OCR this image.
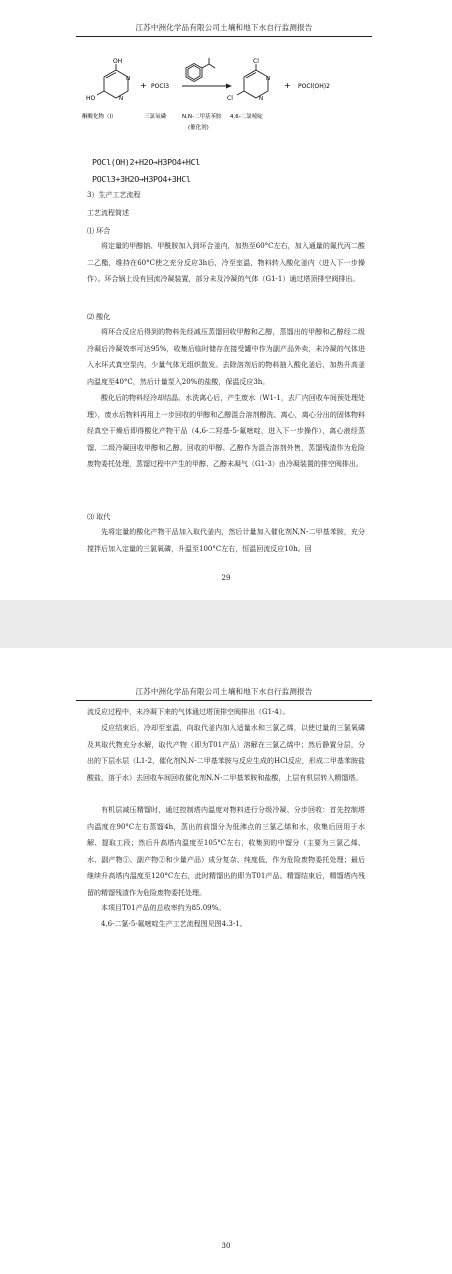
江苏中洲化学品有限公司土壤和地下水自行监测报告
OH
HO
N
N
+ POCl3
Cl
Cl
N
N
+ POCl(OH)2
酮酸化物（I）	三氯氧磷	N,N-二甲基苯胺 4,6-二氯嘧啶
(催化剂)
POCl(OH)2+H2O→H3PO4+HCl
POCl3+3H2O→H3PO4+3HCl
3）生产工艺流程
工艺流程简述
⑴ 环合

将定量的甲醇钠、甲酰胺加入到环合釜内，加热至60°C左右，加入通量的氟代丙二酸二乙酯，维持在60°C使之充分反应3h后，冷至室温，物料转入酸化釜内（进入下一步操作）。环合锅上设有回流冷凝装置，部分未及冷凝的气体（G1-1）通过塔顶排空阀排出。

⑵ 酸化

将环合反应后得到的物料先经减压蒸馏回收甲醇和乙醇，蒸馏出的甲醇和乙醇经二级冷凝后冷凝效率可达95%，收集后临时储存在接受罐中作为副产品外卖，未冷凝的气体进入水环式真空泵内，少量气体无组织散发。去除溶剂后的物料抽入酸化釜后，加热升高釜内温度至40°C，然后计量泵入20%的盐酸，保温反应3h。

酸化后的物料经冷却结晶、水洗离心后，产生废水（W1-1，去厂内回收车间预处理处理），废水后物料再用上一步回收的甲醇和乙醇混合溶剂醇洗、离心，离心分出的固体物料经真空干燥后即得酸化产物干品（4,6-二羟基-5-氟嘧啶，进入下一步操作），离心液经蒸馏、二级冷凝回收甲醇和乙醇。回收的甲醇、乙醇作为混合溶剂外售，蒸馏残渣作为危险废物委托处理，蒸馏过程中产生的甲醇、乙醇未凝气（G1-3）由冷凝装置的排空阀排出。

⑶ 取代

先将定量的酸化产物干品加入取代釜内，然后计量加入催化剂N,N-二甲基苯胺，充分搅拌后加入定量的三氯氧磷，升温至100°C左右，恒温回流反应10h。回

29
江苏中洲化学品有限公司土壤和地下水自行监测报告

流反应过程中，未冷凝下来的气体通过塔顶排空阀排出（G1-4）。

反应结束后，冷却至室温，向取代釜内加入适量水和三氯乙烯，以使过量的三氯氧磷及其取代物充分水解，取代产物（即为T01产品）溶解在三氯乙烯中；然后静置分层，分出的下层水层（L1-2，催化剂N,N-二甲基苯胺与反应生成的HCl反应，形成二甲基苯胺盐酸盐，溶于水）去回收车间回收催化剂N,N-二甲基苯胺和盐酸，上层有机层转入精馏塔。

有机层减压精馏时，通过控制塔内温度对物料进行分级冷凝、分步回收：首先控制塔内温度在90°C左右蒸馏4h，蒸出的前馏分为低沸点的三氯乙烯和水，收集后回用于水解、提取工段；然后升高塔内温度至105°C左右，收集到的中馏分（主要为三氯乙烯、水、副产物①、副产物②和少量产品）成分复杂、纯度低，作为危险废物委托处理；最后继续升高塔内温度至120°C左右，此时精馏出的即为T01产品。精馏结束后，精馏塔内残留的精馏残渣作为危险废物委托处理。

本项目T01产品的总收率约为85.09%。

4,6-二氯-5-氟嘧啶生产工艺流程图见图4.3-1。

30
